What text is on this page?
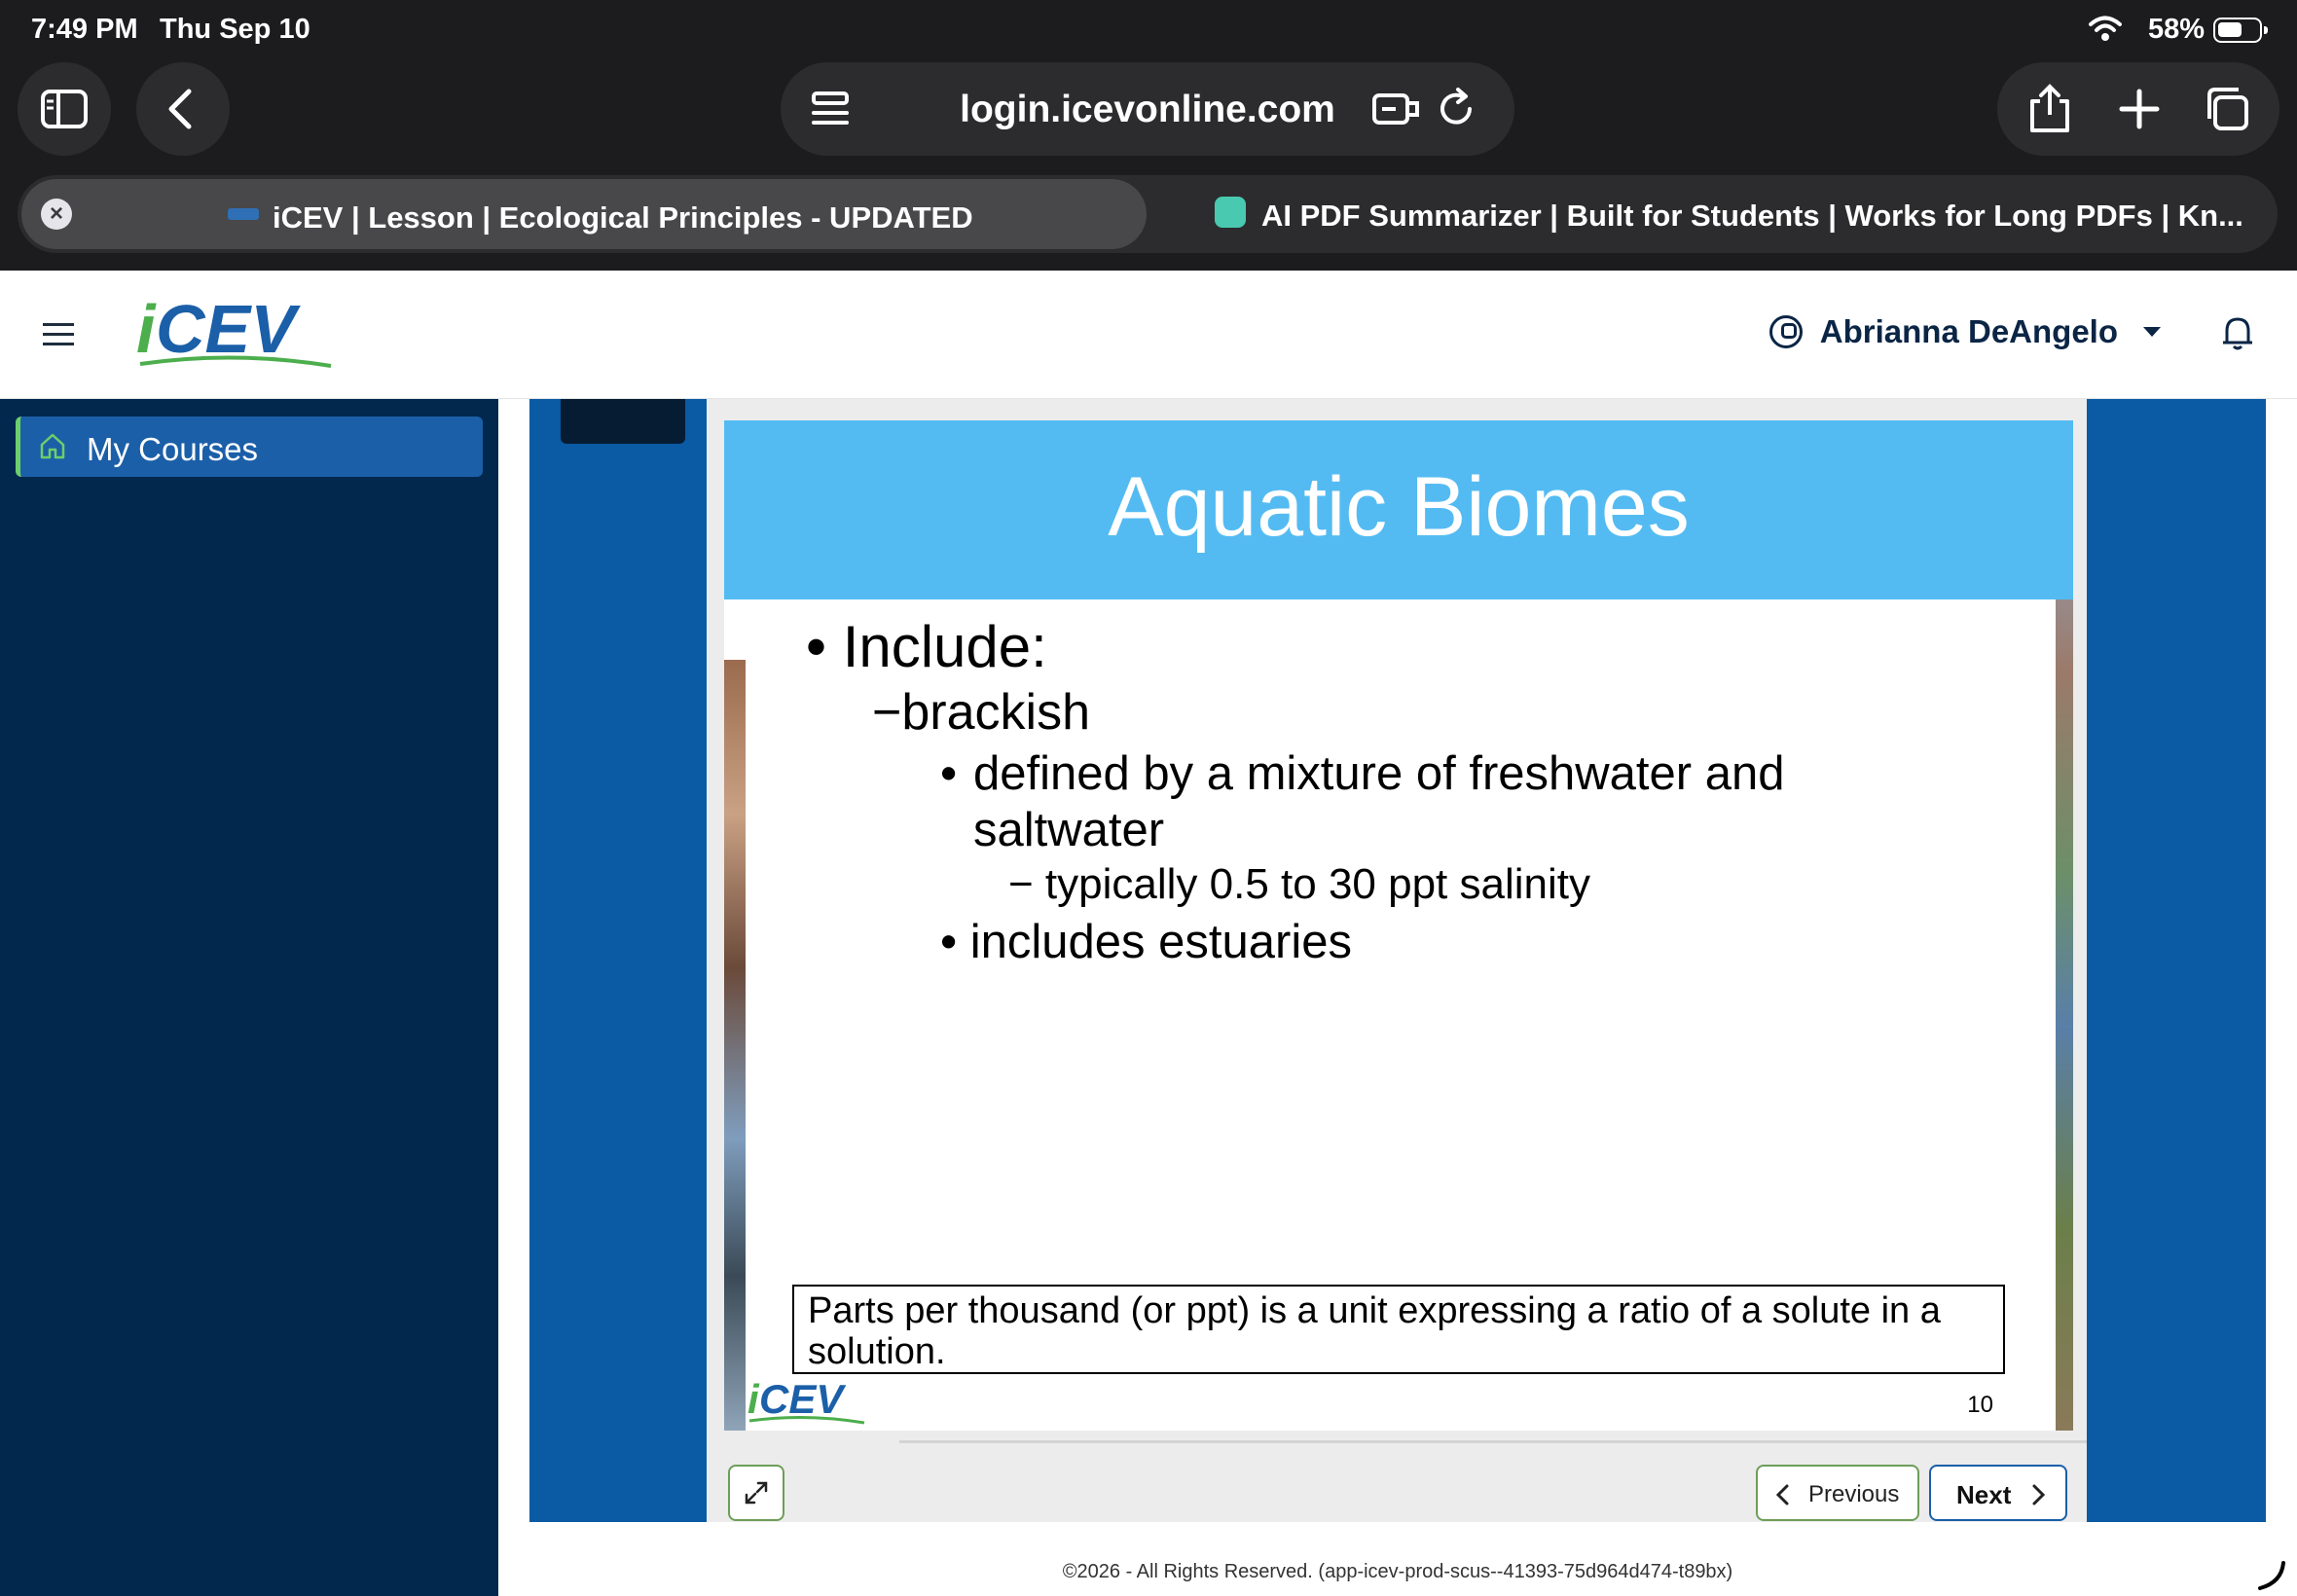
7:49 PM Thu Sep 10	58%
login.icevonline.com
×	iCEV | Lesson | Ecological Principles - UPDATED	AI PDF Summarizer | Built for Students | Works for Long PDFs | Kn...
i CEV	Abrianna DeAngelo
My Courses
Aquatic Biomes
• Include:
−brackish
• defined by a mixture of freshwater and saltwater
− typically 0.5 to 30 ppt salinity
• includes estuaries
Parts per thousand (or ppt) is a unit expressing a ratio of a solute in a solution.
i CEV	10
Previous Next
©2026 - All Rights Reserved. (app-icev-prod-scus--41393-75d964d474-t89bx)
